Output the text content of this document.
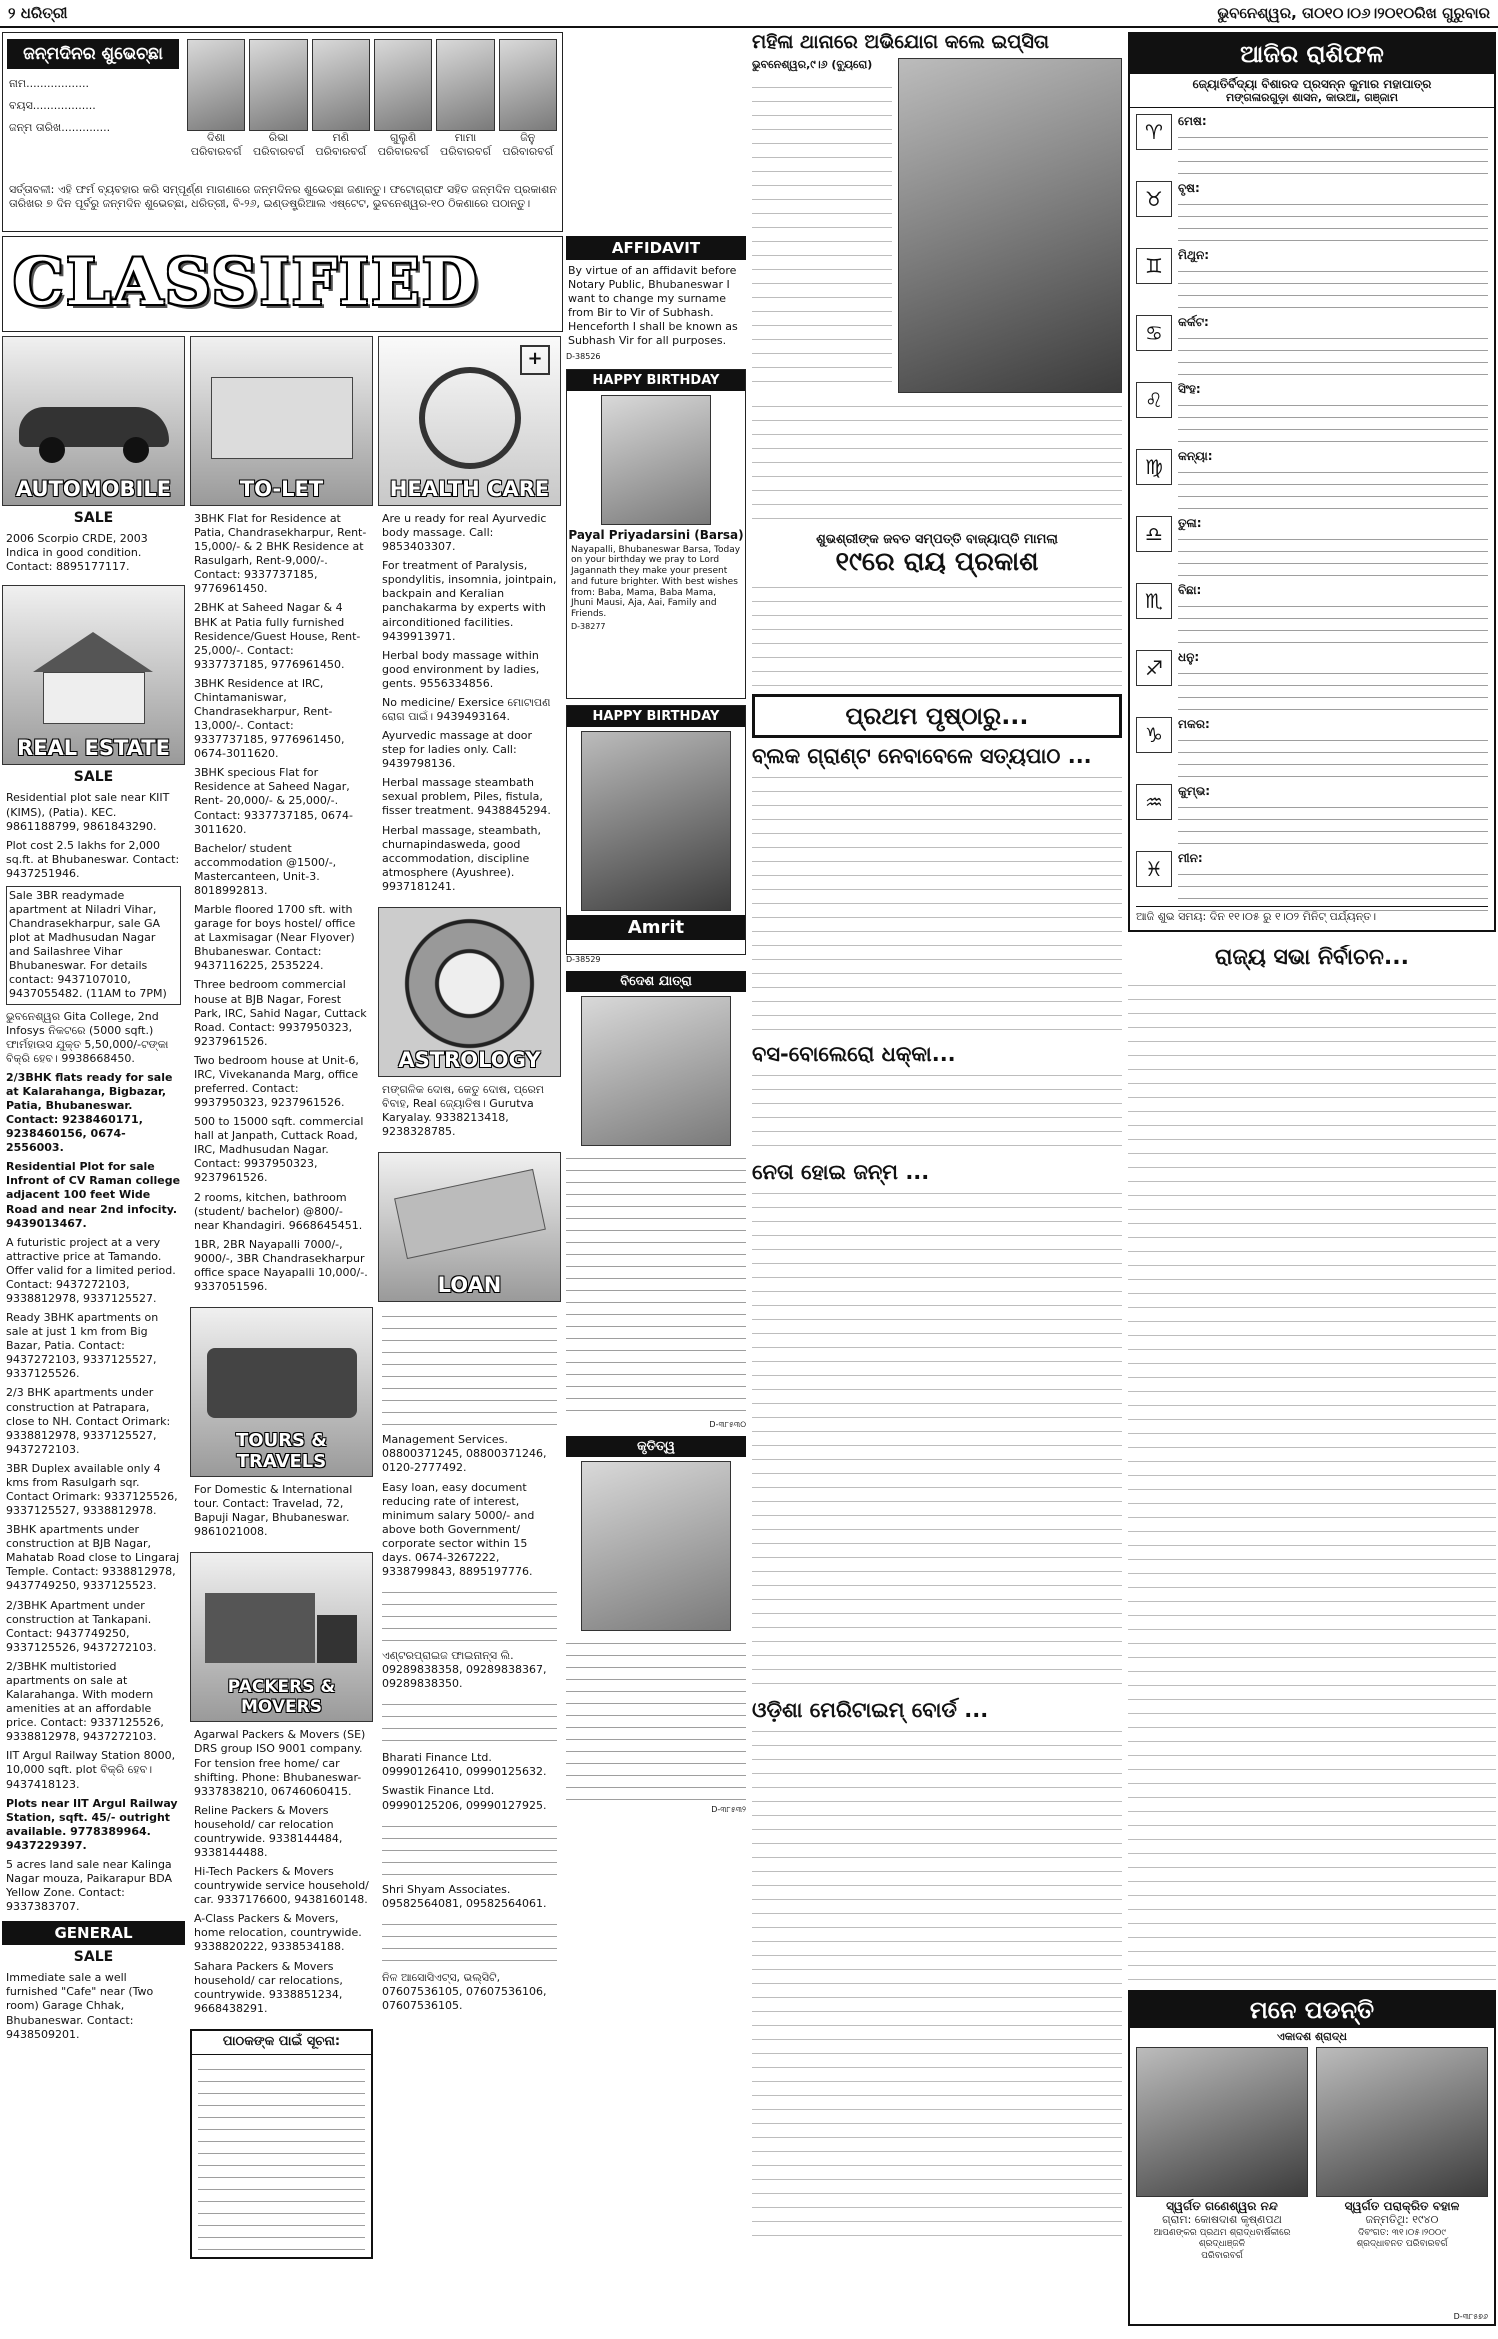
୨ ଧରିତ୍ରୀ	ଭୁବନେଶ୍ୱର, ତା୦୧୦।୦୬।୨୦୧୦ରିଖ ଗୁରୁବାର
ଜନ୍ମଦିନର ଶୁଭେଚ୍ଛା
ନାମ..................
ବୟସ..................
ଜନ୍ମ ତାରିଖ..............
ଦିଶା
ପରିବାରବର୍ଗ
ରିଭା
ପରିବାରବର୍ଗ
ମଣି
ପରିବାରବର୍ଗ
ଗୁଲୁଣି
ପରିବାରବର୍ଗ
ମାମା
ପରିବାରବର୍ଗ
ଜିନୁ
ପରିବାରବର୍ଗ
ସର୍ତ୍ତାବଳୀ: ଏହି ଫର୍ମ ବ୍ୟବହାର କରି ସମ୍ପୂର୍ଣ୍ଣ ମାଗଣାରେ ଜନ୍ମଦିନର ଶୁଭେଚ୍ଛା ଜଣାନ୍ତୁ। ଫଟୋଗ୍ରାଫ ସହିତ ଜନ୍ମଦିନ ପ୍ରକାଶନ ତାରିଖର ୭ ଦିନ ପୂର୍ବରୁ ଜନ୍ମଦିନ ଶୁଭେଚ୍ଛା, ଧରିତ୍ରୀ, ବି-୨୬, ଇଣ୍ଡଷ୍ଟ୍ରିଆଲ ଏଷ୍ଟେଟ, ଭୁବନେଶ୍ୱର-୧୦ ଠିକଣାରେ ପଠାନ୍ତୁ।
CLASSIFIED
AUTOMOBILE
SALE

2006 Scorpio CRDE, 2003 Indica in good condition. Contact: 8895177117.

REAL ESTATE
SALE

Residential plot sale near KIIT (KIMS), (Patia). KEC. 9861188799, 9861843290.

Plot cost 2.5 lakhs for 2,000 sq.ft. at Bhubaneswar. Contact: 9437251946.

Sale 3BR readymade apartment at Niladri Vihar, Chandrasekharpur, sale GA plot at Madhusudan Nagar and Sailashree Vihar Bhubaneswar. For details contact: 9437107010, 9437055482. (11AM to 7PM)

ଭୁବନେଶ୍ୱର Gita College, 2nd Infosys ନିକଟରେ (5000 sqft.) ଫାର୍ମହାଉସ ଯୁକ୍ତ 5,50,000/-ଟଙ୍କା ବିକ୍ରି ହେବ। 9938668450.

2/3BHK flats ready for sale at Kalarahanga, Bigbazar, Patia, Bhubaneswar. Contact: 9238460171, 9238460156, 0674-2556003.

Residential Plot for sale Infront of CV Raman college adjacent 100 feet Wide Road and near 2nd infocity. 9439013467.

A futuristic project at a very attractive price at Tamando. Offer valid for a limited period. Contact: 9437272103, 9338812978, 9337125527.

Ready 3BHK apartments on sale at just 1 km from Big Bazar, Patia. Contact: 9437272103, 9337125527, 9337125526.

2/3 BHK apartments under construction at Patrapara, close to NH. Contact Orimark: 9338812978, 9337125527, 9437272103.

3BR Duplex available only 4 kms from Rasulgarh sqr. Contact Orimark: 9337125526, 9337125527, 9338812978.

3BHK apartments under construction at BJB Nagar, Mahatab Road close to Lingaraj Temple. Contact: 9338812978, 9437749250, 9337125523.

2/3BHK Apartment under construction at Tankapani. Contact: 9437749250, 9337125526, 9437272103.

2/3BHK multistoried apartments on sale at Kalarahanga. With modern amenities at an affordable price. Contact: 9337125526, 9338812978, 9437272103.

IIT Argul Railway Station 8000, 10,000 sqft. plot ବିକ୍ରି ହେବ। 9437418123.

Plots near IIT Argul Railway Station, sqft. 45/- outright available. 9778389964. 9437229397.

5 acres land sale near Kalinga Nagar mouza, Paikarapur BDA Yellow Zone. Contact: 9337383707.

GENERAL
SALE

Immediate sale a well furnished "Cafe" near (Two room) Garage Chhak, Bhubaneswar. Contact: 9438509201.

TO-LET

3BHK Flat for Residence at Patia, Chandrasekharpur, Rent-15,000/- & 2 BHK Residence at Rasulgarh, Rent-9,000/-. Contact: 9337737185, 9776961450.

2BHK at Saheed Nagar & 4 BHK at Patia fully furnished Residence/Guest House, Rent-25,000/-. Contact: 9337737185, 9776961450.

3BHK Residence at IRC, Chintamaniswar, Chandrasekharpur, Rent-13,000/-. Contact: 9337737185, 9776961450, 0674-3011620.

3BHK specious Flat for Residence at Saheed Nagar, Rent- 20,000/- & 25,000/-. Contact: 9337737185, 0674-3011620.

Bachelor/ student accommodation @1500/-, Mastercanteen, Unit-3. 8018992813.

Marble floored 1700 sft. with garage for boys hostel/ office at Laxmisagar (Near Flyover) Bhubaneswar. Contact: 9437116225, 2535224.

Three bedroom commercial house at BJB Nagar, Forest Park, IRC, Sahid Nagar, Cuttack Road. Contact: 9937950323, 9237961526.

Two bedroom house at Unit-6, IRC, Vivekananda Marg, office preferred. Contact: 9937950323, 9237961526.

500 to 15000 sqft. commercial hall at Janpath, Cuttack Road, IRC, Madhusudan Nagar. Contact: 9937950323, 9237961526.

2 rooms, kitchen, bathroom (student/ bachelor) @800/- near Khandagiri. 9668645451.

1BR, 2BR Nayapalli 7000/-, 9000/-, 3BR Chandrasekharpur office space Nayapalli 10,000/-. 9337051596.

TOURS & TRAVELS

For Domestic & International tour. Contact: Travelad, 72, Bapuji Nagar, Bhubaneswar. 9861021008.

PACKERS & MOVERS

Agarwal Packers & Movers (SE) DRS group ISO 9001 company. For tension free home/ car shifting. Phone: Bhubaneswar- 9337838210, 06746060415.

Reline Packers & Movers household/ car relocation countrywide. 9338144484, 9338144488.

Hi-Tech Packers & Movers countrywide service household/ car. 9337176600, 9438160148.

A-Class Packers & Movers, home relocation, countrywide. 9338820222, 9338534188.

Sahara Packers & Movers household/ car relocations, countrywide. 9338851234, 9668438291.

ପାଠକଙ୍କ ପାଇଁ ସୂଚନା:
+
HEALTH CARE

Are u ready for real Ayurvedic body massage. Call: 9853403307.

For treatment of Paralysis, spondylitis, insomnia, jointpain, backpain and Keralian panchakarma by experts with airconditioned facilities. 9439913971.

Herbal body massage within good environment by ladies, gents. 9556334856.

No medicine/ Exersice ମୋଟାପଣ ରୋଗ ପାଇଁ। 9439493164.

Ayurvedic massage at door step for ladies only. Call: 9439798136.

Herbal massage steambath sexual problem, Piles, fistula, fisser treatment. 9438845294.

Herbal massage, steambath, churnapindasweda, good accommodation, discipline atmosphere (Ayushree). 9937181241.

ASTROLOGY

ମଙ୍ଗଳିକ ଦୋଷ, କେତୁ ଦୋଷ, ପ୍ରେମ ବିବାହ, Real ଜ୍ୟୋତିଷ। Gurutva Karyalay. 9338213418, 9238328785.

LOAN

Management Services. 08800371245, 08800371246, 0120-2777492.

Easy loan, easy document reducing rate of interest, minimum salary 5000/- and above both Government/ corporate sector within 15 days. 0674-3267222, 9338799843, 8895197776.

ଏଣ୍ଟରପ୍ରାଇଜ ଫାଇନାନ୍ସ ଲି. 09289838358, 09289838367, 09289838350.

Bharati Finance Ltd. 09990126410, 09990125632.

Swastik Finance Ltd. 09990125206, 09990127925.

Shri Shyam Associates. 09582564081, 09582564061.

ନିଳ ଆସୋସିଏଟ୍ସ, ଭଲ୍ସିଟି, 07607536105, 07607536106, 07607536105.

AFFIDAVIT
By virtue of an affidavit before Notary Public, Bhubaneswar I want to change my surname from Bir to Vir of Subhash. Henceforth I shall be known as Subhash Vir for all purposes.
D-38526
HAPPY BIRTHDAY
Payal Priyadarsini (Barsa)
Nayapalli, Bhubaneswar Barsa, Today on your birthday we pray to Lord Jagannath they make your present and future brighter. With best wishes from: Baba, Mama, Baba Mama, Jhuni Mausi, Aja, Aai, Family and Friends.
D-38277
HAPPY BIRTHDAY
Amrit
D-38529
ବିଦେଶ ଯାତ୍ରା
D-୩୮୫୩୦
କୃତିତ୍ୱ
D-୩୮୫୩୨
ମହିଳା ଥାନାରେ ଅଭିଯୋଗ କଲେ ଇପ୍ସିତା
ଭୁବନେଶ୍ୱର,୯।୬ (ବ୍ୟୁରୋ)
ଶୁଭଶ୍ରୀଙ୍କ ଜବତ ସମ୍ପତ୍ତି ବାଜ୍ୟାପ୍ତି ମାମଲା
୧୯ରେ ରାୟ ପ୍ରକାଶ
ପ୍ରଥମ ପୃଷ୍ଠାରୁ...
ବ୍ଲକ ଗ୍ରାଣ୍ଟ ନେବାବେଳେ ସତ୍ୟପାଠ ...
ବସ-ବୋଲେରୋ ଧକ୍କା...
ନେତା ହୋଇ ଜନ୍ମ ...
ଓଡ଼ିଶା ମେରିଟାଇମ୍ ବୋର୍ଡ ...
ଆଜିର ରାଶିଫଳ
ଜ୍ୟୋତିର୍ବିଦ୍ୟା ବିଶାରଦ ପ୍ରସନ୍ନ କୁମାର ମହାପାତ୍ର
ମଙ୍ଗଳାରଗୁଡ଼ା ଶାସନ, କାଉଆ, ଗଞ୍ଜାମ
♈	ମେଷ:
♉	ବୃଷ:
♊	ମିଥୁନ:
♋	କର୍କଟ:
♌	ସିଂହ:
♍	କନ୍ୟା:
♎	ତୁଳା:
♏	ବିଛା:
♐	ଧନୁ:
♑	ମକର:
♒	କୁମ୍ଭ:
♓	ମୀନ:
ଆଜି ଶୁଭ ସମୟ: ଦିନ ୧୧।୦୫ ରୁ ୧।୦୨ ମିନିଟ୍ ପର୍ଯ୍ୟନ୍ତ।
ରାଜ୍ୟ ସଭା ନିର୍ବାଚନ...
ମନେ ପଡନ୍ତି
ଏକାଦଶ ଶ୍ରାଦ୍ଧ
ସ୍ୱର୍ଗତ ଗଣେଶ୍ୱର ନନ୍ଦ
ଗ୍ରାମ: କୋଷଦାଶ କୃଷ୍ଣପଥ
ଆପଣଙ୍କର ପ୍ରଥମ ଶ୍ରାଦ୍ଧବାର୍ଷିକୀରେ ଶ୍ରଦ୍ଧାଞ୍ଜଳି
ପରିବାରବର୍ଗ
ସ୍ୱର୍ଗତ ପରାକ୍ରିତ ବହାଳ
ଜନ୍ମତିଥି: ୧୯୪୦
ଦିବଂଗତ: ୩୧।୦୫।୨୦୦୯
ଶ୍ରଦ୍ଧାବନତ ପରିବାରବର୍ଗ
D-୩୮୫୭୬
